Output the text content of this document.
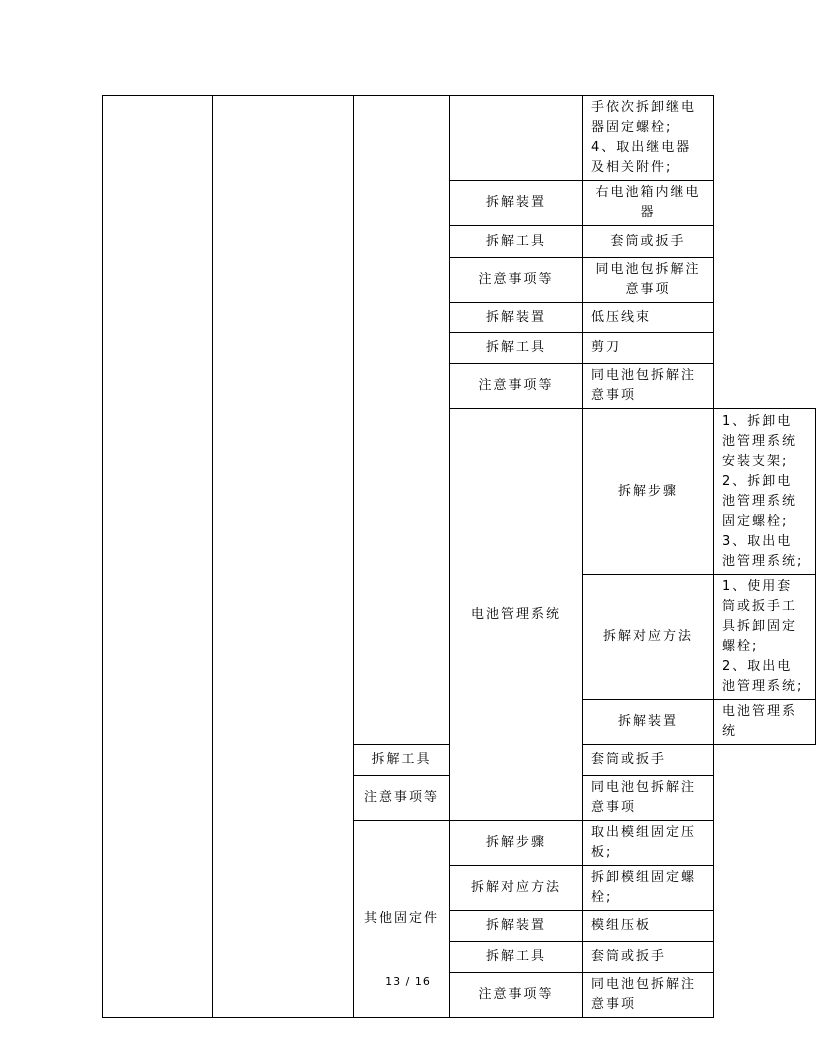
				手依次拆卸继电器固定螺栓;
4、取出继电器及相关附件;	

			拆解装置	右电池箱内继电器	
			拆解工具	套筒或扳手	
			注意事项等	同电池包拆解注意事项	
			拆解装置	低压线束	
			拆解工具	剪刀	
			注意事项等	同电池包拆解注意事项	
			电池管理系统	拆解步骤	1、拆卸电池管理系统安装支架;
2、拆卸电池管理系统固定螺栓;
3、取出电池管理系统;

				拆解对应方法	1、使用套筒或扳手工具拆卸固定螺栓;
2、取出电池管理系统;

				拆解装置	电池管理系统
		拆解工具		套筒或扳手	
		注意事项等		同电池包拆解注意事项	
		其他固定件	拆解步骤	取出模组固定压板;	
			拆解对应方法	拆卸模组固定螺栓;	
			拆解装置	模组压板	
			拆解工具	套筒或扳手	
			注意事项等	同电池包拆解注意事项	
13 / 16
